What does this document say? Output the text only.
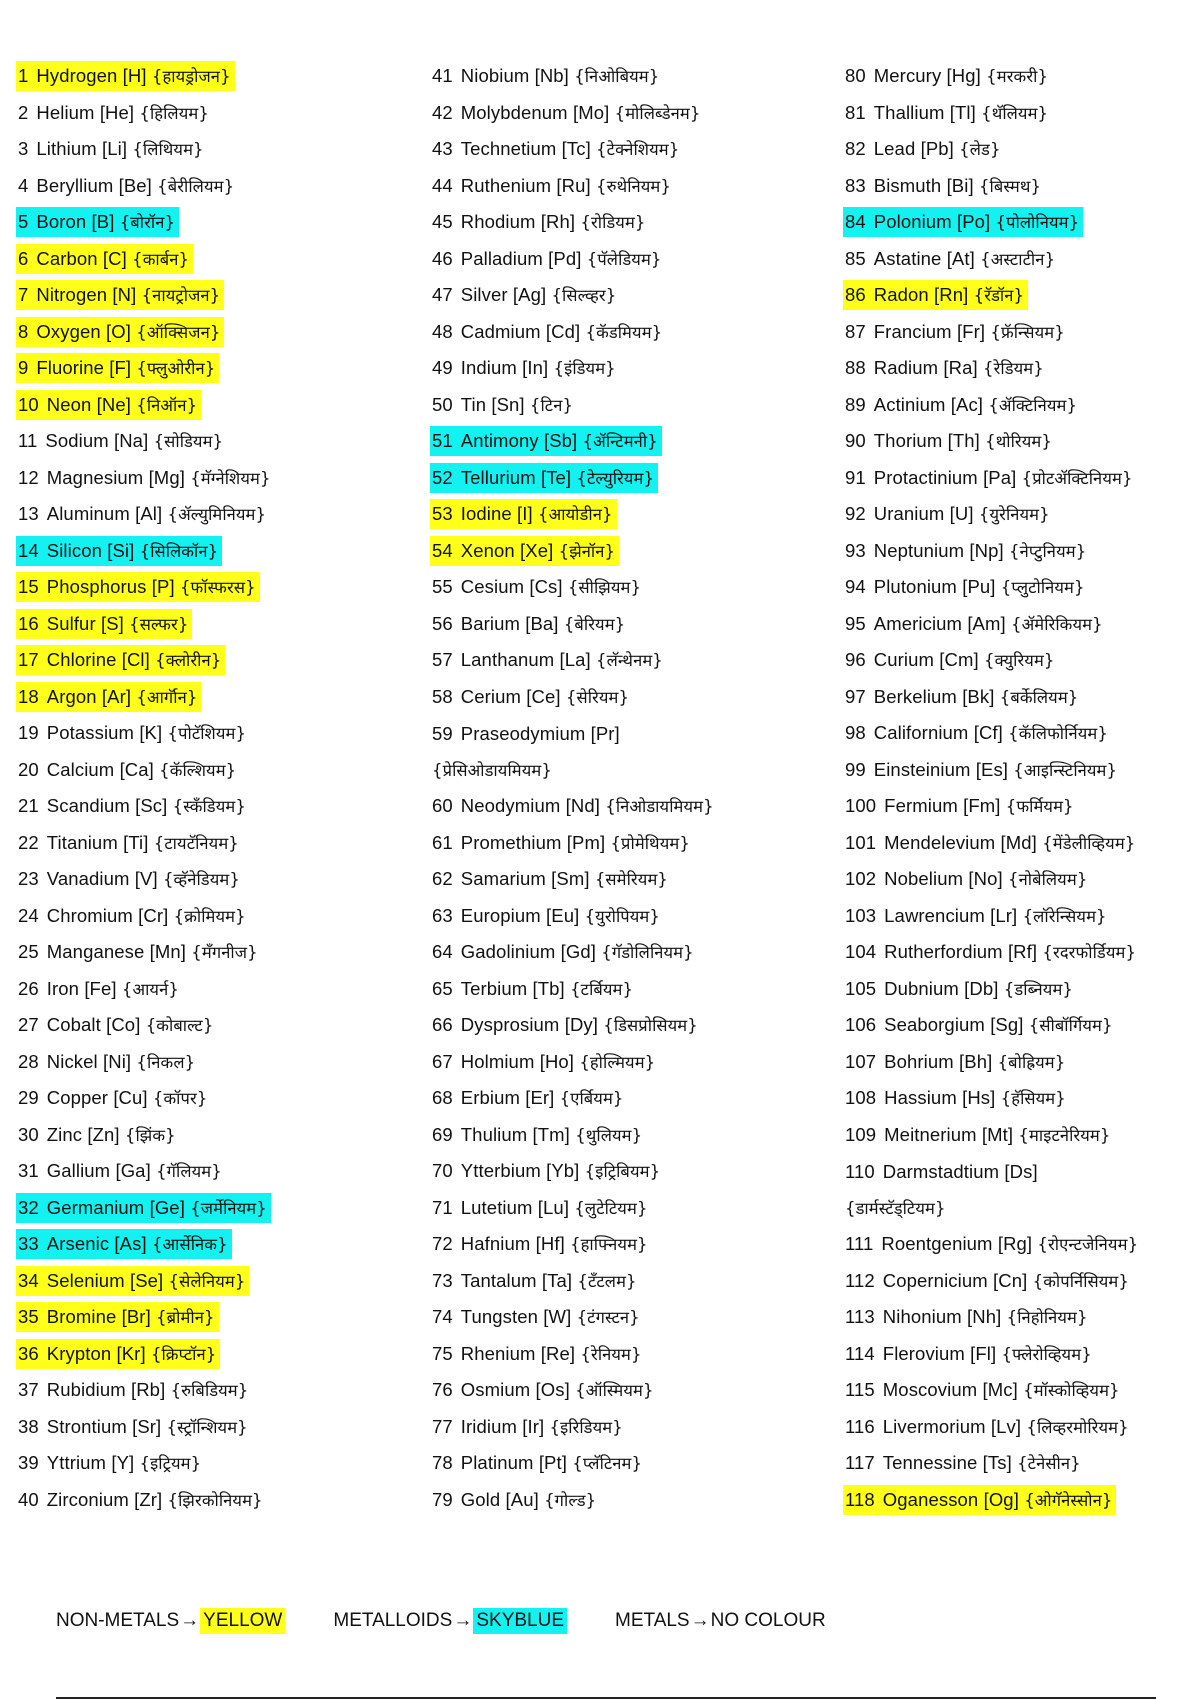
1 Hydrogen [H] {हायड्रोजन}
2 Helium [He] {हिलियम}
3 Lithium [Li] {लिथियम}
4 Beryllium [Be] {बेरीलियम}
5 Boron [B] {बोरॉन}
6 Carbon [C] {कार्बन}
7 Nitrogen [N] {नायट्रोजन}
8 Oxygen [O] {ऑक्सिजन}
9 Fluorine [F] {फ्लुओरीन}
10 Neon [Ne] {निऑन}
11 Sodium [Na] {सोडियम}
12 Magnesium [Mg] {मॅग्नेशियम}
13 Aluminum [Al] {ॲल्युमिनियम}
14 Silicon [Si] {सिलिकॉन}
15 Phosphorus [P] {फॉस्फरस}
16 Sulfur [S] {सल्फर}
17 Chlorine [Cl] {क्लोरीन}
18 Argon [Ar] {आर्गॉन}
19 Potassium [K] {पोटॅशियम}
20 Calcium [Ca] {कॅल्शियम}
21 Scandium [Sc] {स्कॅंडियम}
22 Titanium [Ti] {टायटॅनियम}
23 Vanadium [V] {व्हॅनेडियम}
24 Chromium [Cr] {क्रोमियम}
25 Manganese [Mn] {मॅंगनीज}
26 Iron [Fe] {आयर्न}
27 Cobalt [Co] {कोबाल्ट}
28 Nickel [Ni] {निकल}
29 Copper [Cu] {कॉपर}
30 Zinc [Zn] {झिंक}
31 Gallium [Ga] {गॅलियम}
32 Germanium [Ge] {जर्मेनियम}
33 Arsenic [As] {आर्सेनिक}
34 Selenium [Se] {सेलेनियम}
35 Bromine [Br] {ब्रोमीन}
36 Krypton [Kr] {क्रिप्टॉन}
37 Rubidium [Rb] {रुबिडियम}
38 Strontium [Sr] {स्ट्रॉन्शियम}
39 Yttrium [Y] {इट्रियम}
40 Zirconium [Zr] {झिरकोनियम}
41 Niobium [Nb] {निओबियम}
42 Molybdenum [Mo] {मोलिब्डेनम}
43 Technetium [Tc] {टेक्नेशियम}
44 Ruthenium [Ru] {रुथेनियम}
45 Rhodium [Rh] {रोडियम}
46 Palladium [Pd] {पॅलेडियम}
47 Silver [Ag] {सिल्व्हर}
48 Cadmium [Cd] {कॅडमियम}
49 Indium [In] {इंडियम}
50 Tin [Sn] {टिन}
51 Antimony [Sb] {ॲन्टिमनी}
52 Tellurium [Te] {टेल्युरियम}
53 Iodine [I] {आयोडीन}
54 Xenon [Xe] {झेनॉन}
55 Cesium [Cs] {सीझियम}
56 Barium [Ba] {बेरियम}
57 Lanthanum [La] {लॅन्थेनम}
58 Cerium [Ce] {सेरियम}
59 Praseodymium [Pr]
{प्रेसिओडायमियम}
60 Neodymium [Nd] {निओडायमियम}
61 Promethium [Pm] {प्रोमेथियम}
62 Samarium [Sm] {समेरियम}
63 Europium [Eu] {युरोपियम}
64 Gadolinium [Gd] {गॅडोलिनियम}
65 Terbium [Tb] {टर्बियम}
66 Dysprosium [Dy] {डिसप्रोसियम}
67 Holmium [Ho] {होल्मियम}
68 Erbium [Er] {एर्बियम}
69 Thulium [Tm] {थुलियम}
70 Ytterbium [Yb] {इट्रिबियम}
71 Lutetium [Lu] {लुटेटियम}
72 Hafnium [Hf] {हाफ्नियम}
73 Tantalum [Ta] {टॅंटलम}
74 Tungsten [W] {टंगस्टन}
75 Rhenium [Re] {रेनियम}
76 Osmium [Os] {ऑस्मियम}
77 Iridium [Ir] {इरिडियम}
78 Platinum [Pt] {प्लॅटिनम}
79 Gold [Au] {गोल्ड}
80 Mercury [Hg] {मरकरी}
81 Thallium [Tl] {थॅलियम}
82 Lead [Pb] {लेड}
83 Bismuth [Bi] {बिस्मथ}
84 Polonium [Po] {पोलोनियम}
85 Astatine [At] {अस्टाटीन}
86 Radon [Rn] {रॅडॉन}
87 Francium [Fr] {फ्रॅन्सियम}
88 Radium [Ra] {रेडियम}
89 Actinium [Ac] {ॲक्टिनियम}
90 Thorium [Th] {थोरियम}
91 Protactinium [Pa] {प्रोटॲक्टिनियम}
92 Uranium [U] {युरेनियम}
93 Neptunium [Np] {नेप्टुनियम}
94 Plutonium [Pu] {प्लुटोनियम}
95 Americium [Am] {ॲमेरिकियम}
96 Curium [Cm] {क्युरियम}
97 Berkelium [Bk] {बर्केलियम}
98 Californium [Cf] {कॅलिफोर्नियम}
99 Einsteinium [Es] {आइन्स्टिनियम}
100 Fermium [Fm] {फर्मियम}
101 Mendelevium [Md] {मेंडेलीव्हियम}
102 Nobelium [No] {नोबेलियम}
103 Lawrencium [Lr] {लॉरेन्सियम}
104 Rutherfordium [Rf] {रदरफोर्डियम}
105 Dubnium [Db] {डब्नियम}
106 Seaborgium [Sg] {सीबॉर्गियम}
107 Bohrium [Bh] {बोह्रियम}
108 Hassium [Hs] {हॅसियम}
109 Meitnerium [Mt] {माइटनेरियम}
110 Darmstadtium [Ds]
{डार्मस्टॅड्टियम}
111 Roentgenium [Rg] {रोएन्टजेनियम}
112 Copernicium [Cn] {कोपर्निसियम}
113 Nihonium [Nh] {निहोनियम}
114 Flerovium [Fl] {फ्लेरोव्हियम}
115 Moscovium [Mc] {मॉस्कोव्हियम}
116 Livermorium [Lv] {लिव्हरमोरियम}
117 Tennessine [Ts] {टेनेसीन}
118 Oganesson [Og] {ओगॅनेस्सोन}
NON-METALS → YELLOW	METALLOIDS → SKYBLUE	METALS → NO COLOUR
